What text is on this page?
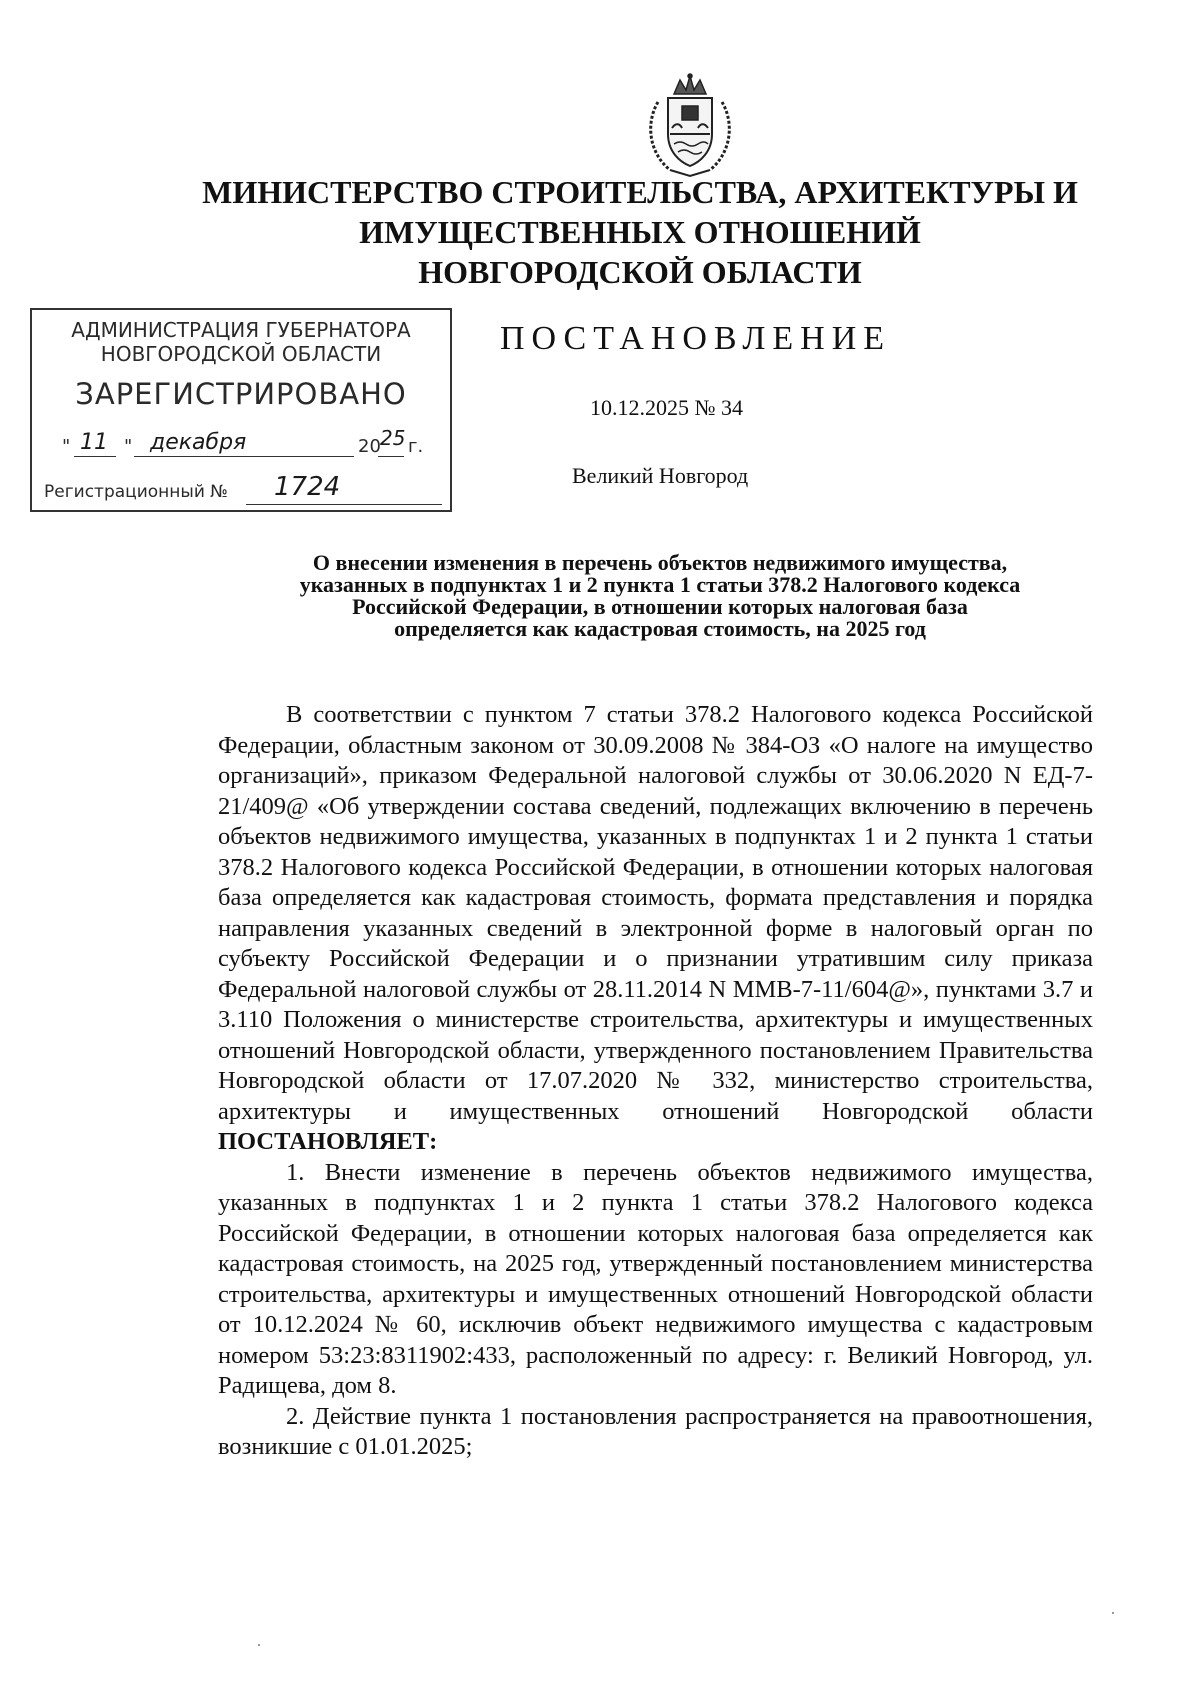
МИНИСТЕРСТВО СТРОИТЕЛЬСТВА, АРХИТЕКТУРЫ И
ИМУЩЕСТВЕННЫХ ОТНОШЕНИЙ
НОВГОРОДСКОЙ ОБЛАСТИ
АДМИНИСТРАЦИЯ ГУБЕРНАТОРА
НОВГОРОДСКОЙ ОБЛАСТИ
ЗАРЕГИСТРИРОВАНО
" 11 " декабря	20 25 г.
Регистрационный № 1724

ПОСТАНОВЛЕНИЕ

10.12.2025 № 34

Великий Новгород

О внесении изменения в перечень объектов недвижимого имущества,
указанных в подпунктах 1 и 2 пункта 1 статьи 378.2 Налогового кодекса
Российской Федерации, в отношении которых налоговая база
определяется как кадастровая стоимость, на 2025 год

В соответствии с пунктом 7 статьи 378.2 Налогового кодекса Российской Федерации, областным законом от 30.09.2008 № 384-ОЗ «О налоге на имущество организаций», приказом Федеральной налоговой службы от 30.06.2020 N ЕД-7-21/409@ «Об утверждении состава сведений, подлежащих включению в перечень объектов недвижимого имущества, указанных в подпунктах 1 и 2 пункта 1 статьи 378.2 Налогового кодекса Российской Федерации, в отношении которых налоговая база определяется как кадастровая стоимость, формата представления и порядка направления указанных сведений в электронной форме в налоговый орган по субъекту Российской Федерации и о признании утратившим силу приказа Федеральной налоговой службы от 28.11.2014 N ММВ-7-11/604@», пунктами 3.7 и 3.110 Положения о министерстве строительства, архитектуры и имущественных отношений Новгородской области, утвержденного постановлением Правительства Новгородской области от 17.07.2020 № 332, министерство строительства, архитектуры и имущественных отношений Новгородской области ПОСТАНОВЛЯЕТ:

1. Внести изменение в перечень объектов недвижимого имущества, указанных в подпунктах 1 и 2 пункта 1 статьи 378.2 Налогового кодекса Российской Федерации, в отношении которых налоговая база определяется как кадастровая стоимость, на 2025 год, утвержденный постановлением министерства строительства, архитектуры и имущественных отношений Новгородской области от 10.12.2024 № 60, исключив объект недвижимого имущества с кадастровым номером 53:23:8311902:433, расположенный по адресу: г. Великий Новгород, ул. Радищева, дом 8.

2. Действие пункта 1 постановления распространяется на правоотношения, возникшие с 01.01.2025;
